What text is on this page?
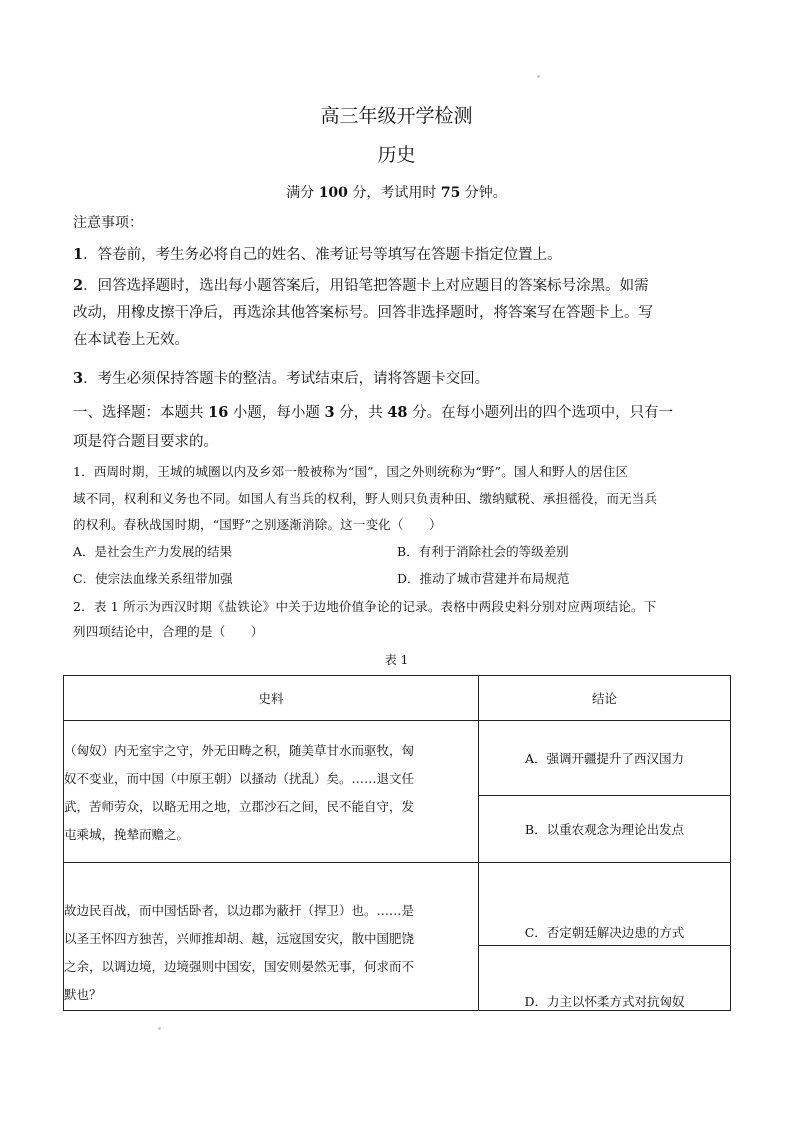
高三年级开学检测
历史
满分 100 分，考试用时 75 分钟。
注意事项：
1．答卷前，考生务必将自己的姓名、准考证号等填写在答题卡指定位置上。
2．回答选择题时，选出每小题答案后，用铅笔把答题卡上对应题目的答案标号涂黑。如需
改动，用橡皮擦干净后，再选涂其他答案标号。回答非选择题时，将答案写在答题卡上。写
在本试卷上无效。
3．考生必须保持答题卡的整洁。考试结束后，请将答题卡交回。
一、选择题：本题共 16 小题，每小题 3 分，共 48 分。在每小题列出的四个选项中，只有一
项是符合题目要求的。
1．西周时期，王城的城圈以内及乡郊一般被称为“国”，国之外则统称为“野”。国人和野人的居住区
域不同，权利和义务也不同。如国人有当兵的权利，野人则只负责种田、缴纳赋税、承担徭役，而无当兵
的权利。春秋战国时期，“国野”之别逐渐消除。这一变化（　　）
A．是社会生产力发展的结果	B．有利于消除社会的等级差别
C．使宗法血缘关系纽带加强	D．推动了城市营建并布局规范
2．表 1 所示为西汉时期《盐铁论》中关于边地价值争论的记录。表格中两段史料分别对应两项结论。下
列四项结论中，合理的是（　　）
表 1
史料	结论

（匈奴）内无室宇之守，外无田畴之积，随美草甘水而驱牧，匈
奴不变业，而中国（中原王朝）以搔动（扰乱）矣。……退文任
武，苦师劳众，以略无用之地，立郡沙石之间，民不能自守，发
屯乘城，挽辇而赡之。	A．强调开疆提升了西汉国力
	B．以重农观念为理论出发点

故边民百战，而中国恬卧者，以边郡为蔽扞（捍卫）也。……是
以圣王怀四方独苦，兴师推却胡、越，远寇国安灾，散中国肥饶
之余，以调边境，边境强则中国安，国安则晏然无事，何求而不
默也？	C．否定朝廷解决边患的方式
	D．力主以怀柔方式对抗匈奴
